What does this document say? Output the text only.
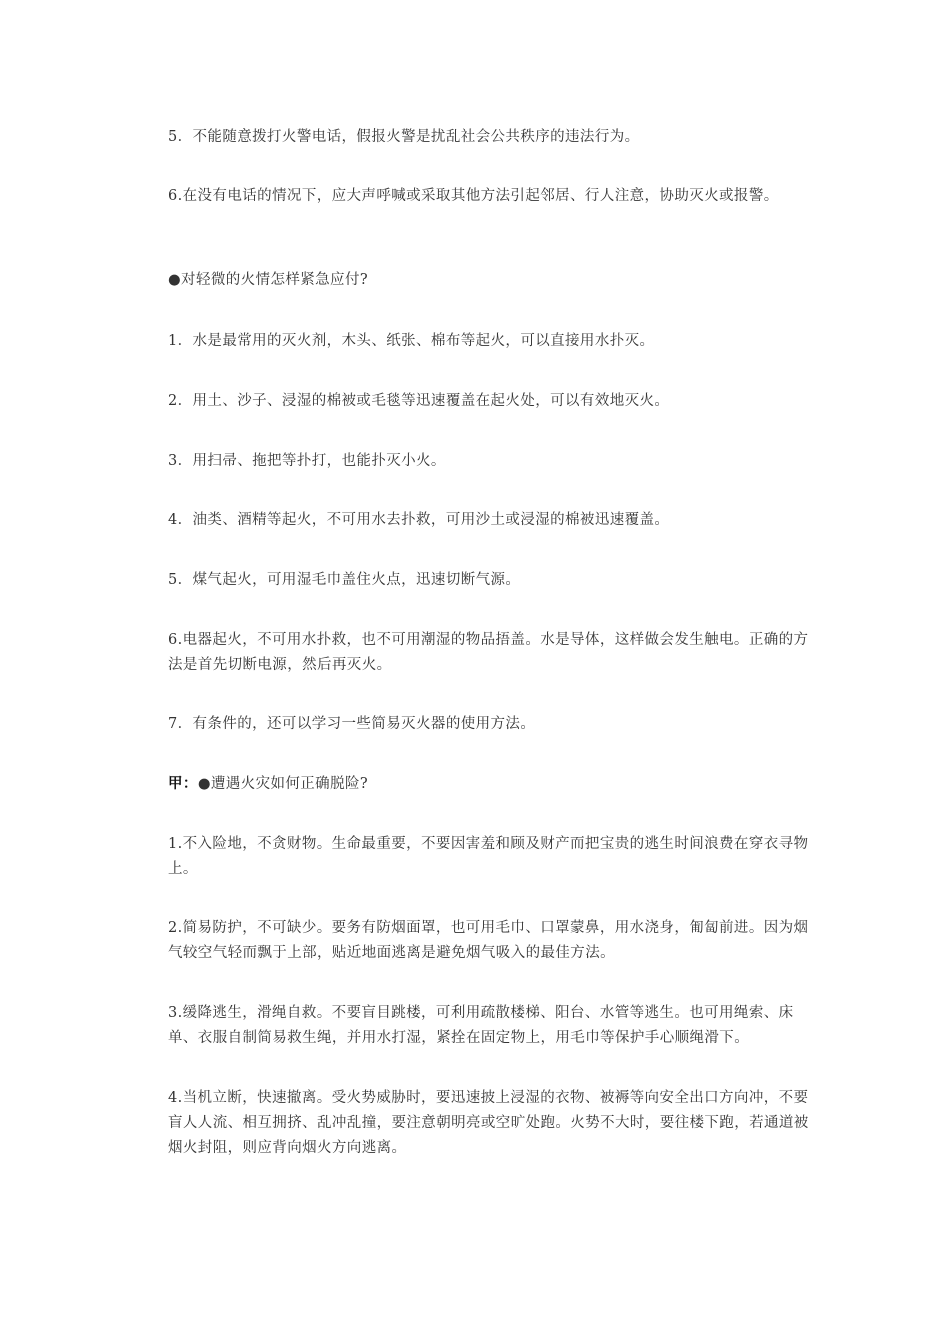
5．不能随意拨打火警电话，假报火警是扰乱社会公共秩序的违法行为。

6.在没有电话的情况下，应大声呼喊或采取其他方法引起邻居、行人注意，协助灭火或报警。

●对轻微的火情怎样紧急应付?

1．水是最常用的灭火剂，木头、纸张、棉布等起火，可以直接用水扑灭。

2．用土、沙子、浸湿的棉被或毛毯等迅速覆盖在起火处，可以有效地灭火。

3．用扫帚、拖把等扑打，也能扑灭小火。

4．油类、酒精等起火，不可用水去扑救，可用沙土或浸湿的棉被迅速覆盖。

5．煤气起火，可用湿毛巾盖住火点，迅速切断气源。

6.电器起火，不可用水扑救，也不可用潮湿的物品捂盖。水是导体，这样做会发生触电。正确的方法是首先切断电源，然后再灭火。

7．有条件的，还可以学习一些简易灭火器的使用方法。

甲：●遭遇火灾如何正确脱险?

1.不入险地，不贪财物。生命最重要，不要因害羞和顾及财产而把宝贵的逃生时间浪费在穿衣寻物上。

2.简易防护，不可缺少。要务有防烟面罩，也可用毛巾、口罩蒙鼻，用水浇身，匍匐前进。因为烟气较空气轻而飘于上部，贴近地面逃离是避免烟气吸入的最佳方法。

3.缓降逃生，滑绳自救。不要盲目跳楼，可利用疏散楼梯、阳台、水管等逃生。也可用绳索、床单、衣服自制简易救生绳，并用水打湿，紧拴在固定物上，用毛巾等保护手心顺绳滑下。

4.当机立断，快速撤离。受火势威胁时，要迅速披上浸湿的衣物、被褥等向安全出口方向冲，不要盲人人流、相互拥挤、乱冲乱撞，要注意朝明亮或空旷处跑。火势不大时，要往楼下跑，若通道被烟火封阻，则应背向烟火方向逃离。
